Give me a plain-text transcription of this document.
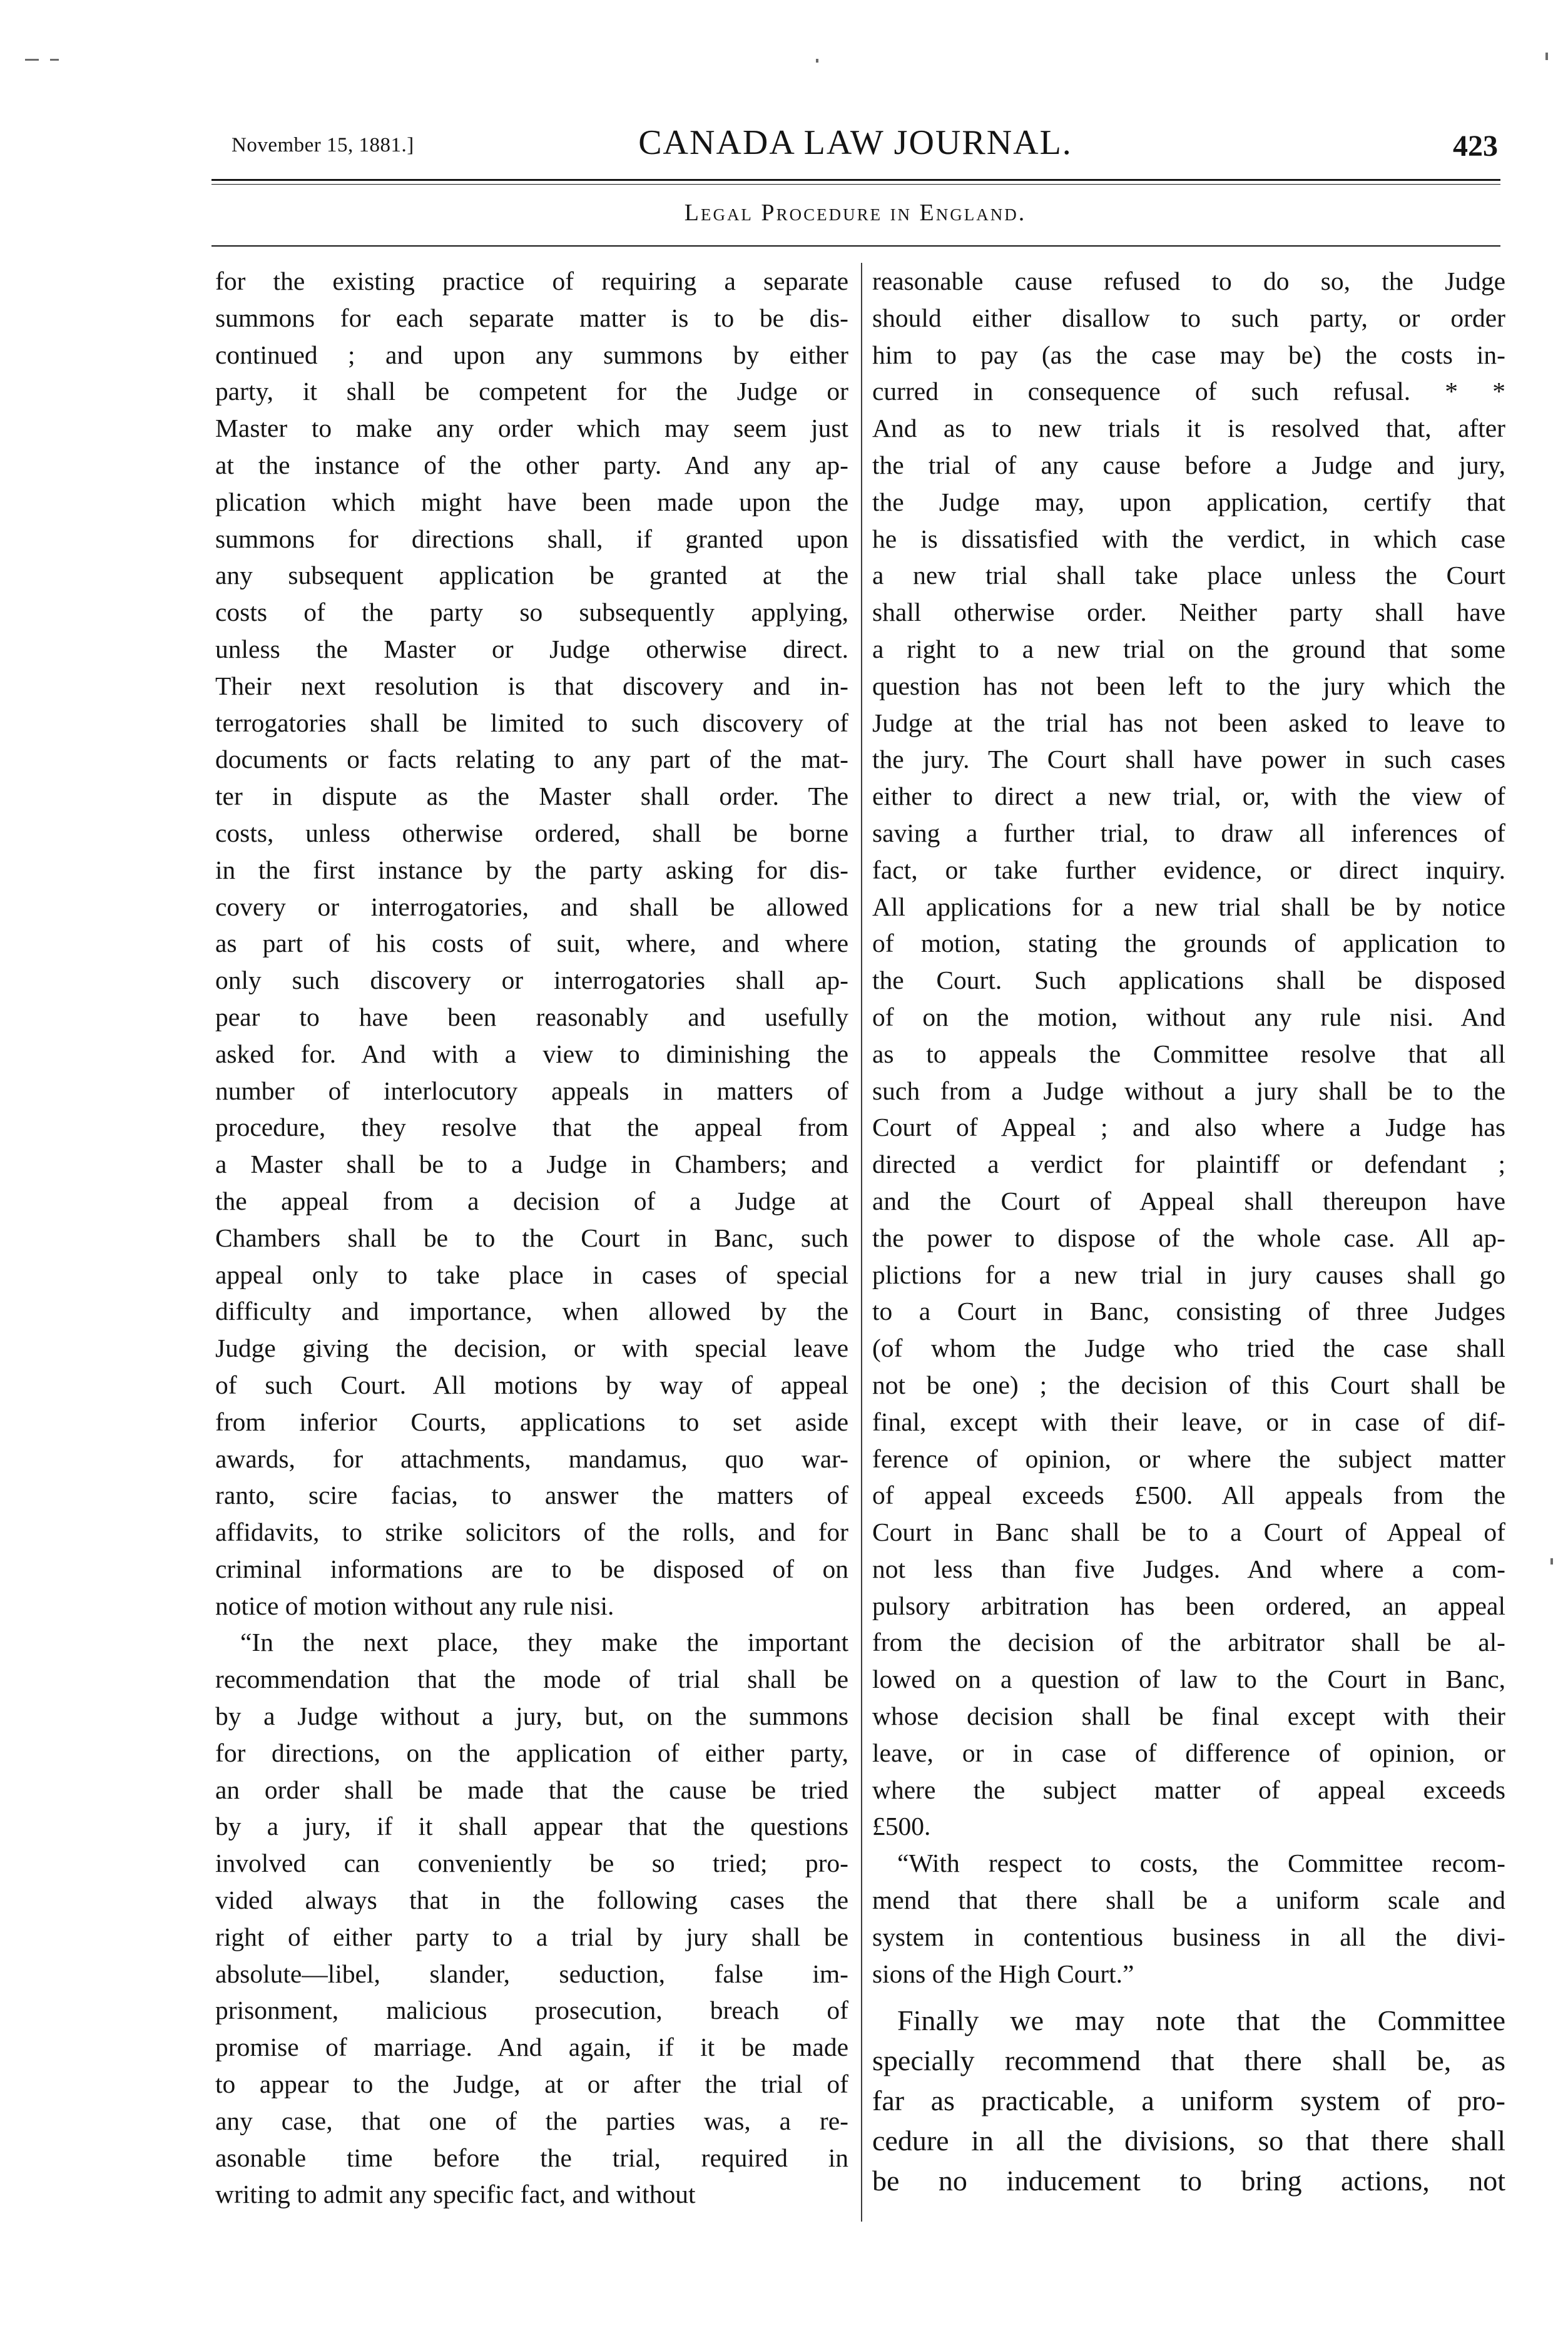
November 15, 1881.]	CANADA LAW JOURNAL.	423
Legal Procedure in England.
for the existing practice of requiring a separate
summons for each separate matter is to be dis-
continued ; and upon any summons by either
party, it shall be competent for the Judge or
Master to make any order which may seem just
at the instance of the other party. And any ap-
plication which might have been made upon the
summons for directions shall, if granted upon
any subsequent application be granted at the
costs of the party so subsequently applying,
unless the Master or Judge otherwise direct.
Their next resolution is that discovery and in-
terrogatories shall be limited to such discovery of
documents or facts relating to any part of the mat-
ter in dispute as the Master shall order. The
costs, unless otherwise ordered, shall be borne
in the first instance by the party asking for dis-
covery or interrogatories, and shall be allowed
as part of his costs of suit, where, and where
only such discovery or interrogatories shall ap-
pear to have been reasonably and usefully
asked for. And with a view to diminishing the
number of interlocutory appeals in matters of
procedure, they resolve that the appeal from
a Master shall be to a Judge in Chambers; and
the appeal from a decision of a Judge at
Chambers shall be to the Court in Banc, such
appeal only to take place in cases of special
difficulty and importance, when allowed by the
Judge giving the decision, or with special leave
of such Court. All motions by way of appeal
from inferior Courts, applications to set aside
awards, for attachments, mandamus, quo war-
ranto, scire facias, to answer the matters of
affidavits, to strike solicitors of the rolls, and for
criminal informations are to be disposed of on
notice of motion without any rule nisi.
“In the next place, they make the important
recommendation that the mode of trial shall be
by a Judge without a jury, but, on the summons
for directions, on the application of either party,
an order shall be made that the cause be tried
by a jury, if it shall appear that the questions
involved can conveniently be so tried; pro-
vided always that in the following cases the
right of either party to a trial by jury shall be
absolute—libel, slander, seduction, false im-
prisonment, malicious prosecution, breach of
promise of marriage. And again, if it be made
to appear to the Judge, at or after the trial of
any case, that one of the parties was, a re-
asonable time before the trial, required in
writing to admit any specific fact, and without
reasonable cause refused to do so, the Judge
should either disallow to such party, or order
him to pay (as the case may be) the costs in-
curred in consequence of such refusal. * *
And as to new trials it is resolved that, after
the trial of any cause before a Judge and jury,
the Judge may, upon application, certify that
he is dissatisfied with the verdict, in which case
a new trial shall take place unless the Court
shall otherwise order. Neither party shall have
a right to a new trial on the ground that some
question has not been left to the jury which the
Judge at the trial has not been asked to leave to
the jury. The Court shall have power in such cases
either to direct a new trial, or, with the view of
saving a further trial, to draw all inferences of
fact, or take further evidence, or direct inquiry.
All applications for a new trial shall be by notice
of motion, stating the grounds of application to
the Court. Such applications shall be disposed
of on the motion, without any rule nisi. And
as to appeals the Committee resolve that all
such from a Judge without a jury shall be to the
Court of Appeal ; and also where a Judge has
directed a verdict for plaintiff or defendant ;
and the Court of Appeal shall thereupon have
the power to dispose of the whole case. All ap-
plictions for a new trial in jury causes shall go
to a Court in Banc, consisting of three Judges
(of whom the Judge who tried the case shall
not be one) ; the decision of this Court shall be
final, except with their leave, or in case of dif-
ference of opinion, or where the subject matter
of appeal exceeds £500. All appeals from the
Court in Banc shall be to a Court of Appeal of
not less than five Judges. And where a com-
pulsory arbitration has been ordered, an appeal
from the decision of the arbitrator shall be al-
lowed on a question of law to the Court in Banc,
whose decision shall be final except with their
leave, or in case of difference of opinion, or
where the subject matter of appeal exceeds
£500.
“With respect to costs, the Committee recom-
mend that there shall be a uniform scale and
system in contentious business in all the divi-
sions of the High Court.”
Finally we may note that the Committee
specially recommend that there shall be, as
far as practicable, a uniform system of pro-
cedure in all the divisions, so that there shall
be no inducement to bring actions, not
